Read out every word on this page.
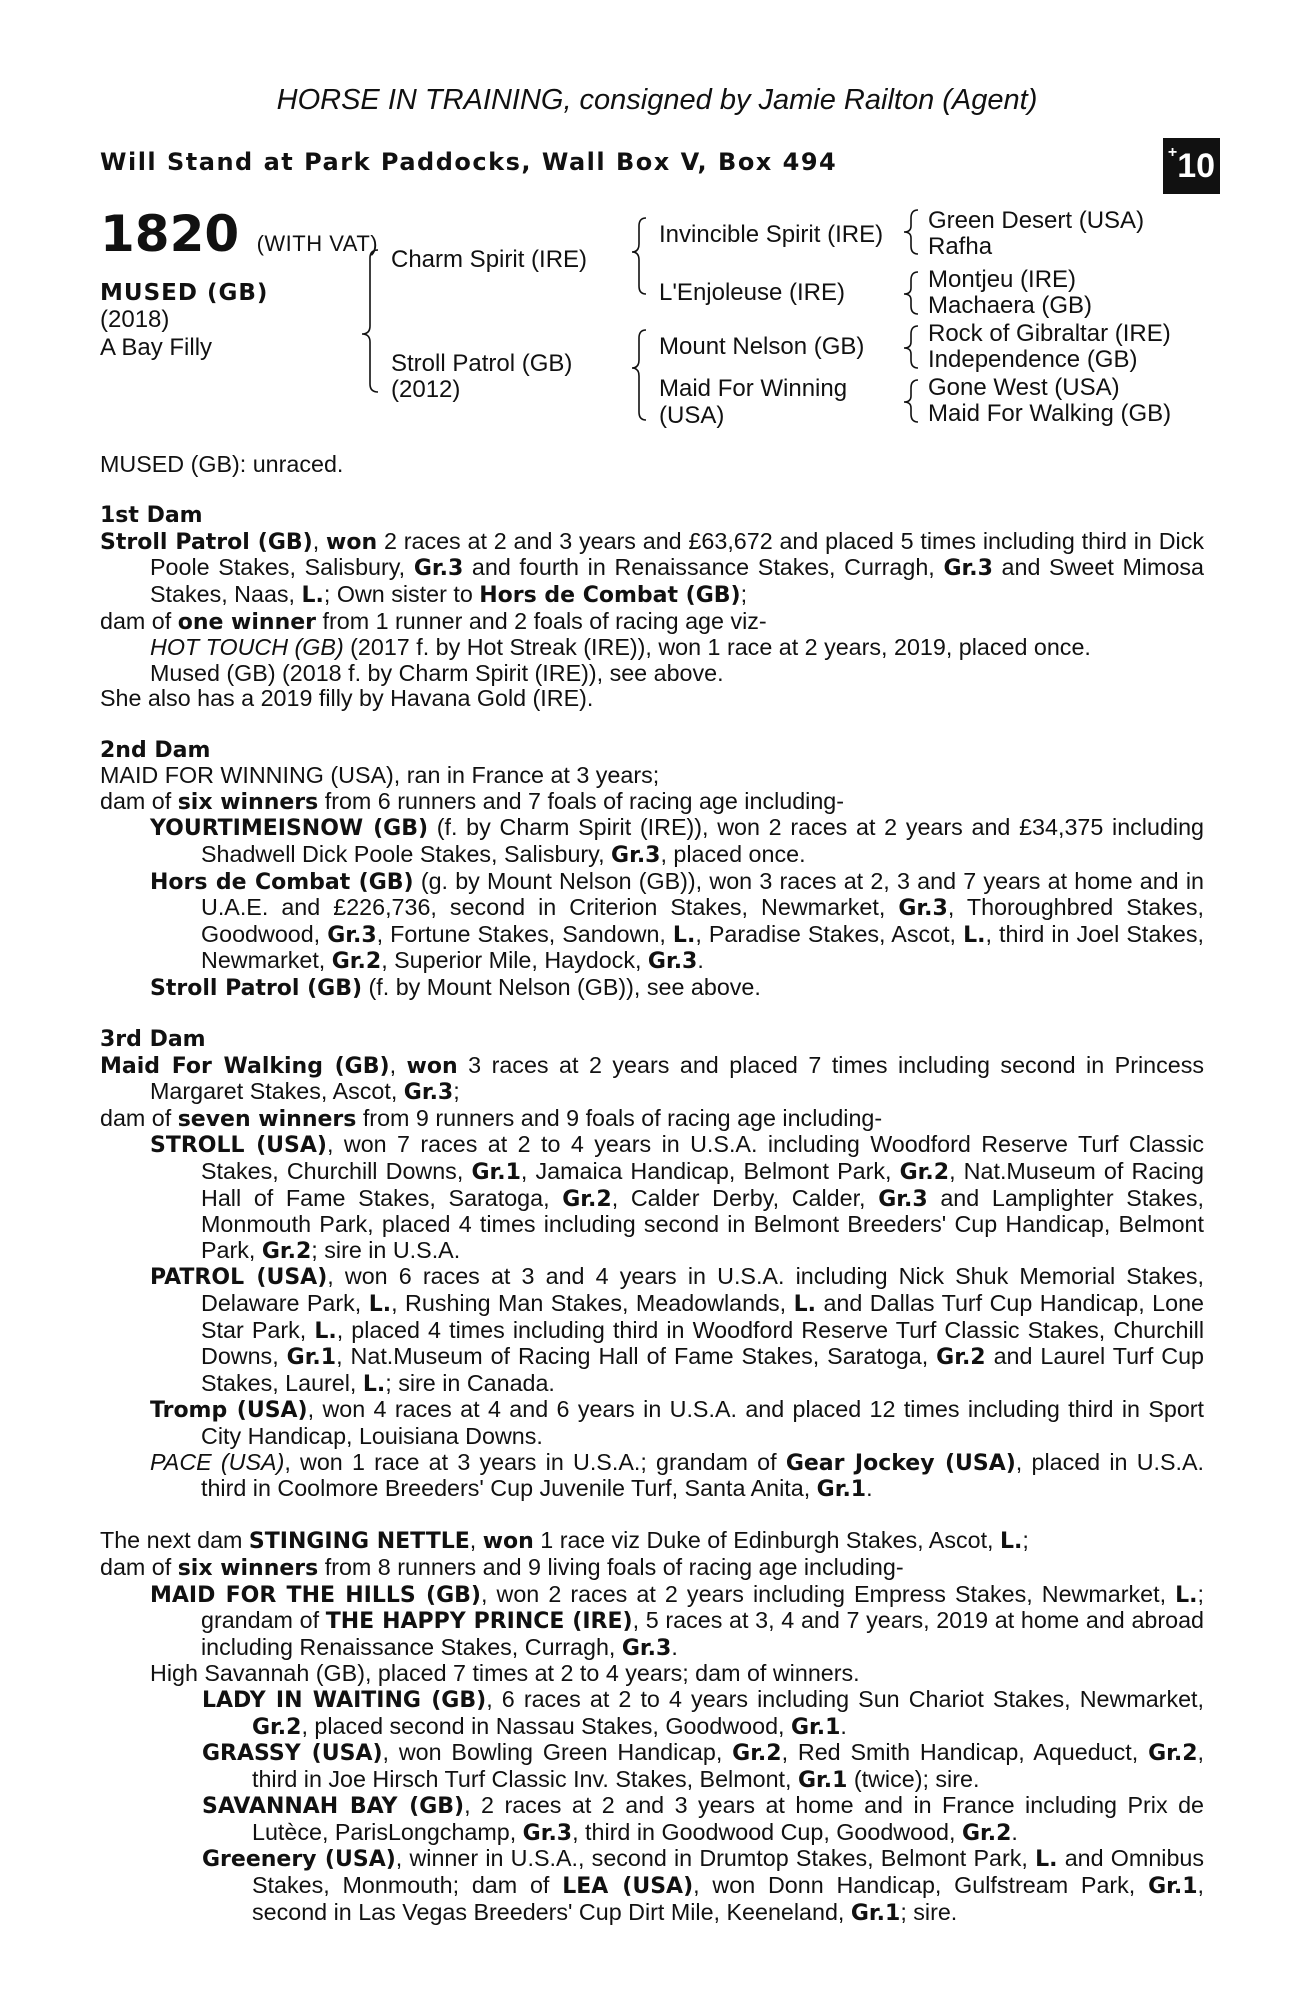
HORSE IN TRAINING, consigned by Jamie Railton (Agent)
Will Stand at Park Paddocks, Wall Box V, Box 494	+10
1820 (WITH VAT)
MUSED (GB)
(2018)
A Bay Filly
Charm Spirit (IRE)
Stroll Patrol (GB)
(2012)
Invincible Spirit (IRE)
L'Enjoleuse (IRE)
Mount Nelson (GB)
Maid For Winning
(USA)
Green Desert (USA)
Rafha
Montjeu (IRE)
Machaera (GB)
Rock of Gibraltar (IRE)
Independence (GB)
Gone West (USA)
Maid For Walking (GB)

MUSED (GB): unraced.

1st Dam

Stroll Patrol (GB), won 2 races at 2 and 3 years and £63,672 and placed 5 times including third in Dick Poole Stakes, Salisbury, Gr.3 and fourth in Renaissance Stakes, Curragh, Gr.3 and Sweet Mimosa Stakes, Naas, L.; Own sister to Hors de Combat (GB);

dam of one winner from 1 runner and 2 foals of racing age viz-

HOT TOUCH (GB) (2017 f. by Hot Streak (IRE)), won 1 race at 2 years, 2019, placed once.

Mused (GB) (2018 f. by Charm Spirit (IRE)), see above.

She also has a 2019 filly by Havana Gold (IRE).

2nd Dam

MAID FOR WINNING (USA), ran in France at 3 years;

dam of six winners from 6 runners and 7 foals of racing age including-

YOURTIMEISNOW (GB) (f. by Charm Spirit (IRE)), won 2 races at 2 years and £34,375 including Shadwell Dick Poole Stakes, Salisbury, Gr.3, placed once.

Hors de Combat (GB) (g. by Mount Nelson (GB)), won 3 races at 2, 3 and 7 years at home and in U.A.E. and £226,736, second in Criterion Stakes, Newmarket, Gr.3, Thoroughbred Stakes, Goodwood, Gr.3, Fortune Stakes, Sandown, L., Paradise Stakes, Ascot, L., third in Joel Stakes, Newmarket, Gr.2, Superior Mile, Haydock, Gr.3.

Stroll Patrol (GB) (f. by Mount Nelson (GB)), see above.

3rd Dam

Maid For Walking (GB), won 3 races at 2 years and placed 7 times including second in Princess Margaret Stakes, Ascot, Gr.3;

dam of seven winners from 9 runners and 9 foals of racing age including-

STROLL (USA), won 7 races at 2 to 4 years in U.S.A. including Woodford Reserve Turf Classic Stakes, Churchill Downs, Gr.1, Jamaica Handicap, Belmont Park, Gr.2, Nat.Museum of Racing Hall of Fame Stakes, Saratoga, Gr.2, Calder Derby, Calder, Gr.3 and Lamplighter Stakes, Monmouth Park, placed 4 times including second in Belmont Breeders' Cup Handicap, Belmont Park, Gr.2; sire in U.S.A.

PATROL (USA), won 6 races at 3 and 4 years in U.S.A. including Nick Shuk Memorial Stakes, Delaware Park, L., Rushing Man Stakes, Meadowlands, L. and Dallas Turf Cup Handicap, Lone Star Park, L., placed 4 times including third in Woodford Reserve Turf Classic Stakes, Churchill Downs, Gr.1, Nat.Museum of Racing Hall of Fame Stakes, Saratoga, Gr.2 and Laurel Turf Cup Stakes, Laurel, L.; sire in Canada.

Tromp (USA), won 4 races at 4 and 6 years in U.S.A. and placed 12 times including third in Sport City Handicap, Louisiana Downs.

PACE (USA), won 1 race at 3 years in U.S.A.; grandam of Gear Jockey (USA), placed in U.S.A. third in Coolmore Breeders' Cup Juvenile Turf, Santa Anita, Gr.1.

The next dam STINGING NETTLE, won 1 race viz Duke of Edinburgh Stakes, Ascot, L.;

dam of six winners from 8 runners and 9 living foals of racing age including-

MAID FOR THE HILLS (GB), won 2 races at 2 years including Empress Stakes, Newmarket, L.; grandam of THE HAPPY PRINCE (IRE), 5 races at 3, 4 and 7 years, 2019 at home and abroad including Renaissance Stakes, Curragh, Gr.3.

High Savannah (GB), placed 7 times at 2 to 4 years; dam of winners.

LADY IN WAITING (GB), 6 races at 2 to 4 years including Sun Chariot Stakes, Newmarket, Gr.2, placed second in Nassau Stakes, Goodwood, Gr.1.

GRASSY (USA), won Bowling Green Handicap, Gr.2, Red Smith Handicap, Aqueduct, Gr.2, third in Joe Hirsch Turf Classic Inv. Stakes, Belmont, Gr.1 (twice); sire.

SAVANNAH BAY (GB), 2 races at 2 and 3 years at home and in France including Prix de Lutèce, ParisLongchamp, Gr.3, third in Goodwood Cup, Goodwood, Gr.2.

Greenery (USA), winner in U.S.A., second in Drumtop Stakes, Belmont Park, L. and Omnibus Stakes, Monmouth; dam of LEA (USA), won Donn Handicap, Gulfstream Park, Gr.1, second in Las Vegas Breeders' Cup Dirt Mile, Keeneland, Gr.1; sire.
